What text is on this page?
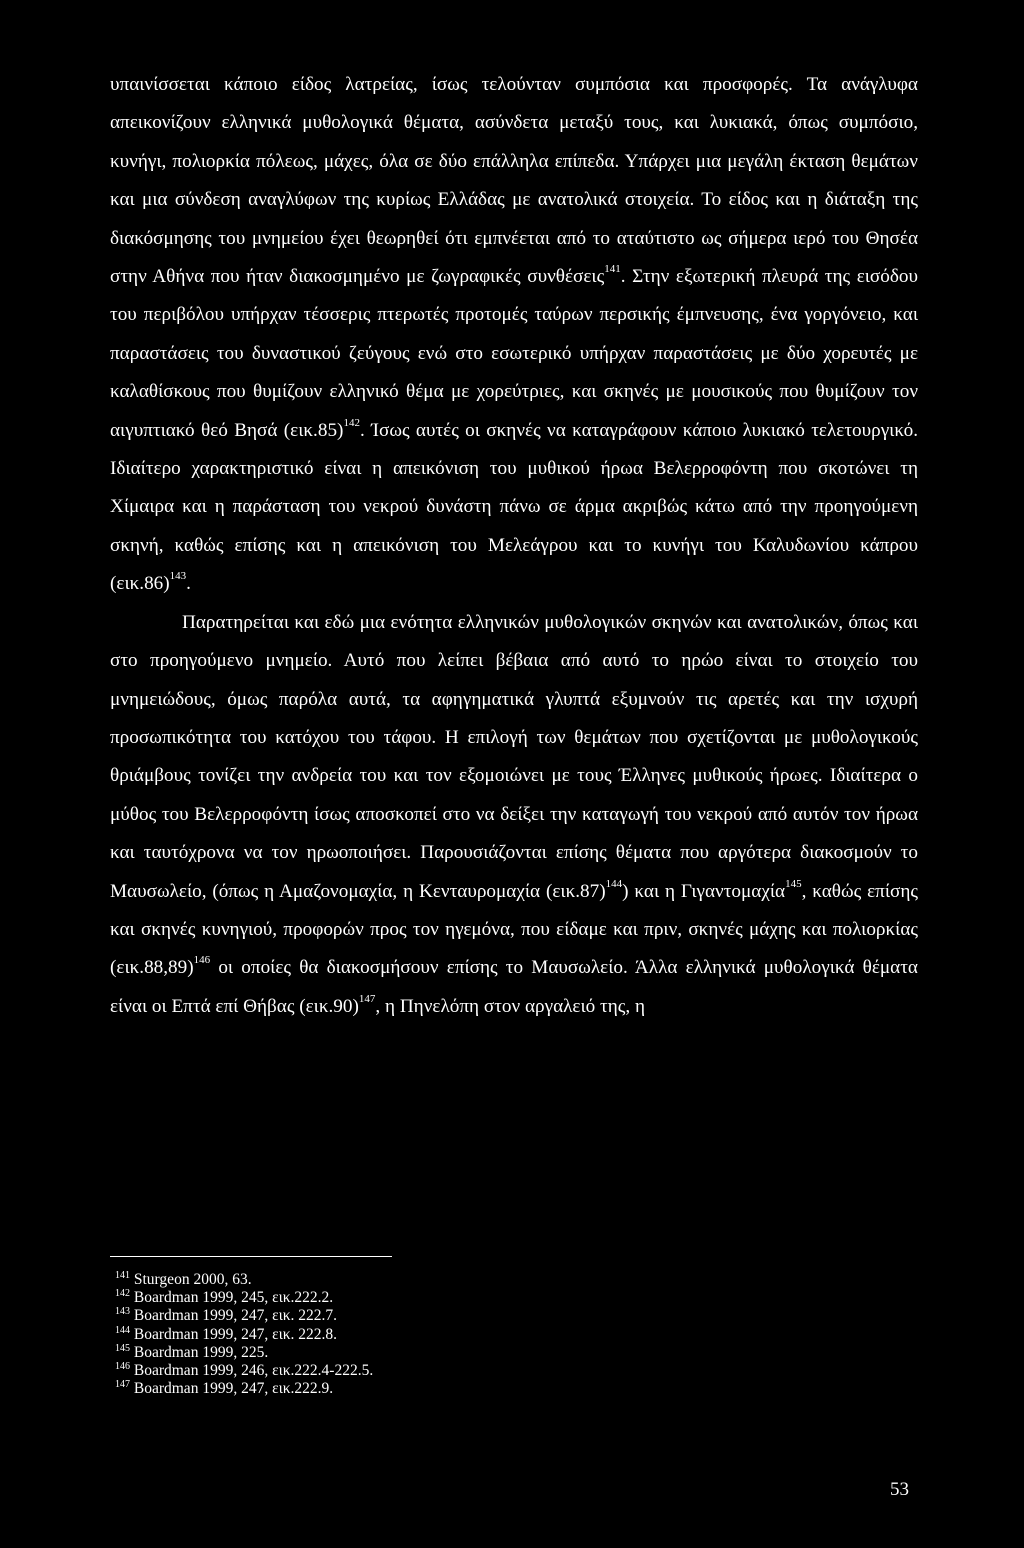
υπαινίσσεται κάποιο είδος λατρείας, ίσως τελούνταν συμπόσια και προσφορές. Τα ανάγλυφα απεικονίζουν ελληνικά μυθολογικά θέματα, ασύνδετα μεταξύ τους, και λυκιακά, όπως συμπόσιο, κυνήγι, πολιορκία πόλεως, μάχες, όλα σε δύο επάλληλα επίπεδα. Υπάρχει μια μεγάλη έκταση θεμάτων και μια σύνδεση αναγλύφων της κυρίως Ελλάδας με ανατολικά στοιχεία. Το είδος και η διάταξη της διακόσμησης του μνημείου έχει θεωρηθεί ότι εμπνέεται από το αταύτιστο ως σήμερα ιερό του Θησέα στην Αθήνα που ήταν διακοσμημένο με ζωγραφικές συνθέσεις$^{141}$. Στην εξωτερική πλευρά της εισόδου του περιβόλου υπήρχαν τέσσερις πτερωτές προτομές ταύρων περσικής έμπνευσης, ένα γοργόνειο, και παραστάσεις του δυναστικού ζεύγους ενώ στο εσωτερικό υπήρχαν παραστάσεις με δύο χορευτές με καλαθίσκους που θυμίζουν ελληνικό θέμα με χορεύτριες, και σκηνές με μουσικούς που θυμίζουν τον αιγυπτιακό θεό Βησά $(\varepsilon\iota\kappa.85)^{142}$. Ίσως αυτές οι σκηνές να καταγράφουν κάποιο λυκιακό τελετουργικό. Ιδιαίτερο χαρακτηριστικό είναι η απεικόνιση του μυθικού ήρωα Βελερροφόντη που σκοτώνει τη Χίμαιρα και η παράσταση του νεκρού δυνάστη πάνω σε άρμα ακριβώς κάτω από την προηγούμενη σκηνή, καθώς επίσης και η απεικόνιση του Μελεάγρου και το κυνήγι του Καλυδωνίου κάπρου $(\varepsilon\iota\kappa.86)^{143}$.

Παρατηρείται και εδώ μια ενότητα ελληνικών μυθολογικών σκηνών και ανατολικών, όπως και στο προηγούμενο μνημείο. Αυτό που λείπει βέβαια από αυτό το ηρώο είναι το στοιχείο του μνημειώδους, όμως παρόλα αυτά, τα αφηγηματικά γλυπτά εξυμνούν τις αρετές και την ισχυρή προσωπικότητα του κατόχου του τάφου. Η επιλογή των θεμάτων που σχετίζονται με μυθολογικούς θριάμβους τονίζει την ανδρεία του και τον εξομοιώνει με τους Έλληνες μυθικούς ήρωες. Ιδιαίτερα ο μύθος του Βελερροφόντη ίσως αποσκοπεί στο να δείξει την καταγωγή του νεκρού από αυτόν τον ήρωα και ταυτόχρονα να τον ηρωοποιήσει. Παρουσιάζονται επίσης θέματα που αργότερα διακοσμούν το Μαυσωλείο, (όπως η Αμαζονομαχία, η Κενταυρομαχία $(\varepsilon\iota\kappa.87)^{144}$) και η Γιγαντομαχία$^{145}$, καθώς επίσης και σκηνές κυνηγιού, προφορών προς τον ηγεμόνα, που είδαμε και πριν, σκηνές μάχης και πολιορκίας $(\varepsilon\iota\kappa.88,89)^{146}$ οι οποίες θα διακοσμήσουν επίσης το Μαυσωλείο. Άλλα ελληνικά μυθολογικά θέματα είναι οι Επτά επί Θήβας $(\varepsilon\iota\kappa.90)^{147}$, η Πηνελόπη στον αργαλειό της, η

$^{141}$ Sturgeon 2000, 63.

$^{142}$ Boardman 1999, 245, εικ.222.2.

$^{143}$ Boardman 1999, 247, εικ. 222.7.

$^{144}$ Boardman 1999, 247, εικ. 222.8.

$^{145}$ Boardman 1999, 225.

$^{146}$ Boardman 1999, 246, εικ.222.4-222.5.

$^{147}$ Boardman 1999, 247, εικ.222.9.

53
